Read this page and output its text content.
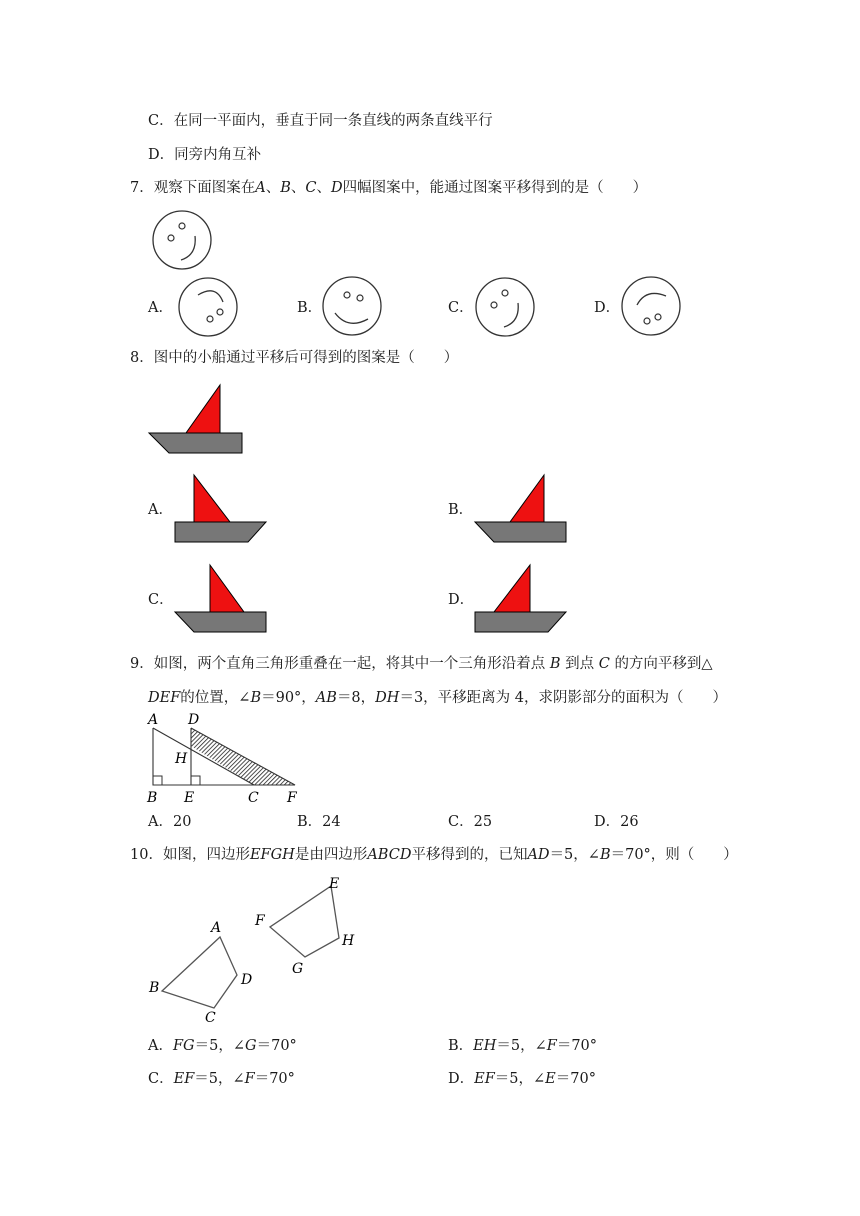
C．在同一平面内，垂直于同一条直线的两条直线平行
D．同旁内角互补
7．观察下面图案在A、B、C、D四幅图案中，能通过图案平移得到的是（　　）
A．	B．	C．	D．
8．图中的小船通过平移后可得到的图案是（　　）
A．	B．
C．	D．
9．如图，两个直角三角形重叠在一起，将其中一个三角形沿着点 B 到点 C 的方向平移到△
DEF的位置，∠B＝90°，AB＝8，DH＝3，平移距离为 4，求阴影部分的面积为（　　）
A D
H
B E	C F
A．20	B．24	C．25	D．26
10．如图，四边形EFGH是由四边形ABCD平移得到的，已知AD＝5，∠B＝70°，则（　　）
A
B
C
D
E
F
G
H
A．FG＝5，∠G＝70°	B．EH＝5，∠F＝70°
C．EF＝5，∠F＝70°	D．EF＝5，∠E＝70°
